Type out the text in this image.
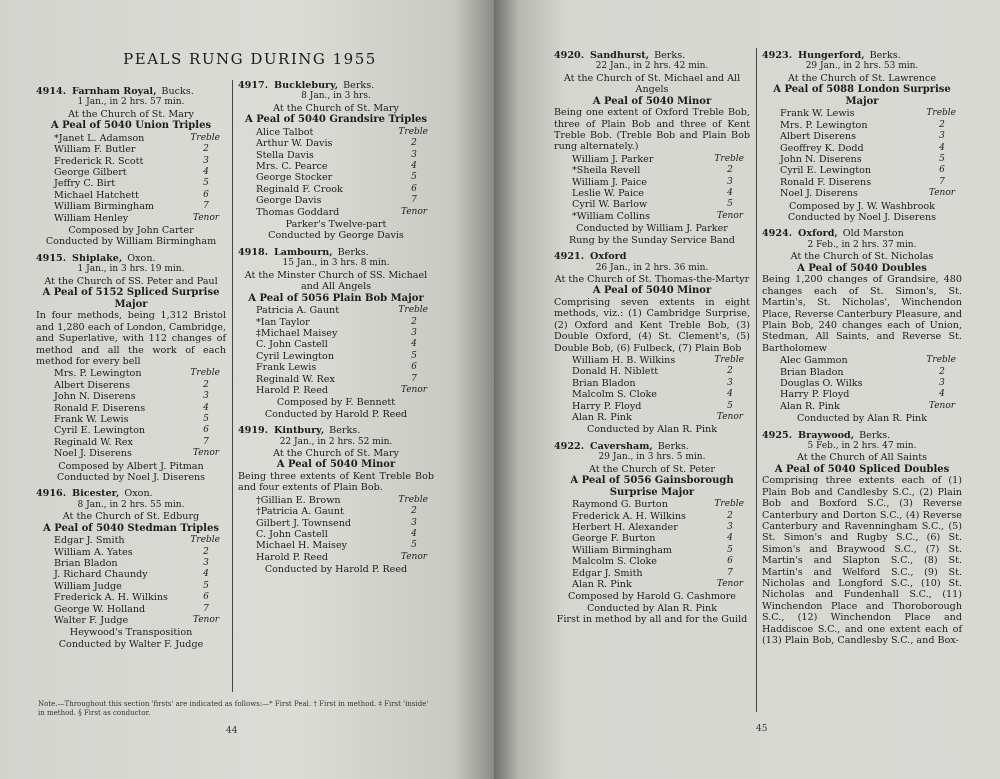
PEALS RUNG DURING 1955
4914. Farnham Royal, Bucks.
1 Jan., in 2 hrs. 57 min.
At the Church of St. Mary
A Peal of 5040 Union Triples
*Janet L. Adamson	Treble
William F. Butler	2
Frederick R. Scott	3
George Gilbert	4
Jeffry C. Birt	5
Michael Hatchett	6
William Birmingham	7
William Henley	Tenor
Composed by John Carter
Conducted by William Birmingham
4915. Shiplake, Oxon.
1 Jan., in 3 hrs. 19 min.
At the Church of SS. Peter and Paul
A Peal of 5152 Spliced Surprise Major
In four methods, being 1,312 Bristol and 1,280 each of London, Cambridge, and Superlative, with 112 changes of method and all the work of each method for every bell
Mrs. P. Lewington	Treble
Albert Diserens	2
John N. Diserens	3
Ronald F. Diserens	4
Frank W. Lewis	5
Cyril E. Lewington	6
Reginald W. Rex	7
Noel J. Diserens	Tenor
Composed by Albert J. Pitman
Conducted by Noel J. Diserens
4916. Bicester, Oxon.
8 Jan., in 2 hrs. 55 min.
At the Church of St. Edburg
A Peal of 5040 Stedman Triples
Edgar J. Smith	Treble
William A. Yates	2
Brian Bladon	3
J. Richard Chaundy	4
William Judge	5
Frederick A. H. Wilkins	6
George W. Holland	7
Walter F. Judge	Tenor
Heywood's Transposition
Conducted by Walter F. Judge
4917. Bucklebury, Berks.
8 Jan., in 3 hrs.
At the Church of St. Mary
A Peal of 5040 Grandsire Triples
Alice Talbot	Treble
Arthur W. Davis	2
Stella Davis	3
Mrs. C. Pearce	4
George Stocker	5
Reginald F. Crook	6
George Davis	7
Thomas Goddard	Tenor
Parker's Twelve-part
Conducted by George Davis
4918. Lambourn, Berks.
15 Jan., in 3 hrs. 8 min.
At the Minster Church of SS. Michael and All Angels
A Peal of 5056 Plain Bob Major
Patricia A. Gaunt	Treble
*Ian Taylor	2
‡Michael Maisey	3
C. John Castell	4
Cyril Lewington	5
Frank Lewis	6
Reginald W. Rex	7
Harold P. Reed	Tenor
Composed by F. Bennett
Conducted by Harold P. Reed
4919. Kintbury, Berks.
22 Jan., in 2 hrs. 52 min.
At the Church of St. Mary
A Peal of 5040 Minor
Being three extents of Kent Treble Bob and four extents of Plain Bob.
†Gillian E. Brown	Treble
†Patricia A. Gaunt	2
Gilbert J. Townsend	3
C. John Castell	4
Michael H. Maisey	5
Harold P. Reed	Tenor
Conducted by Harold P. Reed
Note.—Throughout this section 'firsts' are indicated as follows:—* First Peal. † First in method. ‡ First 'inside' in method. § First as conductor.
44
4920. Sandhurst, Berks.
22 Jan., in 2 hrs. 42 min.
At the Church of St. Michael and All Angels
A Peal of 5040 Minor
Being one extent of Oxford Treble Bob, three of Plain Bob and three of Kent Treble Bob. (Treble Bob and Plain Bob rung alternately.)
William J. Parker	Treble
*Sheila Revell	2
William J. Paice	3
Leslie W. Paice	4
Cyril W. Barlow	5
*William Collins	Tenor
Conducted by William J. Parker
Rung by the Sunday Service Band
4921. Oxford
26 Jan., in 2 hrs. 36 min.
At the Church of St. Thomas-the-Martyr
A Peal of 5040 Minor
Comprising seven extents in eight methods, viz.: (1) Cambridge Surprise, (2) Oxford and Kent Treble Bob, (3) Double Oxford, (4) St. Clement's, (5) Double Bob, (6) Fulbeck, (7) Plain Bob
William H. B. Wilkins	Treble
Donald H. Niblett	2
Brian Bladon	3
Malcolm S. Cloke	4
Harry P. Floyd	5
Alan R. Pink	Tenor
Conducted by Alan R. Pink
4922. Caversham, Berks.
29 Jan., in 3 hrs. 5 min.
At the Church of St. Peter
A Peal of 5056 Gainsborough Surprise Major
Raymond G. Burton	Treble
Frederick A. H. Wilkins	2
Herbert H. Alexander	3
George F. Burton	4
William Birmingham	5
Malcolm S. Cloke	6
Edgar J. Smith	7
Alan R. Pink	Tenor
Composed by Harold G. Cashmore
Conducted by Alan R. Pink
First in method by all and for the Guild
4923. Hungerford, Berks.
29 Jan., in 2 hrs. 53 min.
At the Church of St. Lawrence
A Peal of 5088 London Surprise Major
Frank W. Lewis	Treble
Mrs. P. Lewington	2
Albert Diserens	3
Geoffrey K. Dodd	4
John N. Diserens	5
Cyril E. Lewington	6
Ronald F. Diserens	7
Noel J. Diserens	Tenor
Composed by J. W. Washbrook
Conducted by Noel J. Diserens
4924. Oxford, Old Marston
2 Feb., in 2 hrs. 37 min.
At the Church of St. Nicholas
A Peal of 5040 Doubles
Being 1,200 changes of Grandsire, 480 changes each of St. Simon's, St. Martin's, St. Nicholas', Winchendon Place, Reverse Canterbury Pleasure, and Plain Bob, 240 changes each of Union, Stedman, All Saints, and Reverse St. Bartholomew
Alec Gammon	Treble
Brian Bladon	2
Douglas O. Wilks	3
Harry P. Floyd	4
Alan R. Pink	Tenor
Conducted by Alan R. Pink
4925. Braywood, Berks.
5 Feb., in 2 hrs. 47 min.
At the Church of All Saints
A Peal of 5040 Spliced Doubles
Comprising three extents each of (1) Plain Bob and Candlesby S.C., (2) Plain Bob and Boxford S.C., (3) Reverse Canterbury and Dorton S.C., (4) Reverse Canterbury and Ravenningham S.C., (5) St. Simon's and Rugby S.C., (6) St. Simon's and Braywood S.C., (7) St. Martin's and Slapton S.C., (8) St. Martin's and Welford S.C., (9) St. Nicholas and Longford S.C., (10) St. Nicholas and Fundenhall S.C., (11) Winchendon Place and Thoroborough S.C., (12) Winchendon Place and Haddiscoe S.C., and one extent each of (13) Plain Bob, Candlesby S.C., and Box-
45
